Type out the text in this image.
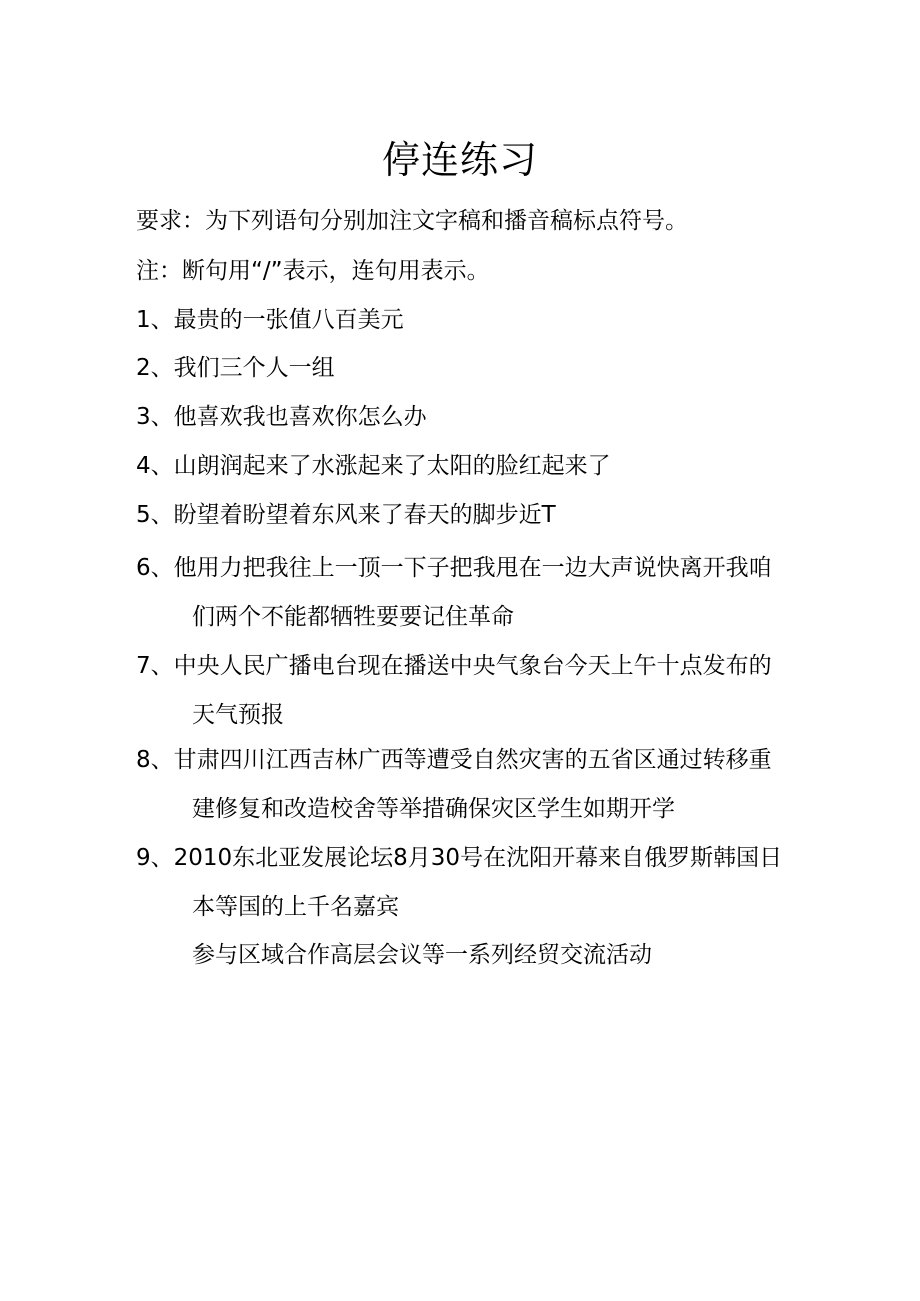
停连练习
要求：为下列语句分别加注文字稿和播音稿标点符号。
注：断句用“/”表示，连句用表示。
1、最贵的一张值八百美元
2、我们三个人一组
3、他喜欢我也喜欢你怎么办
4、山朗润起来了水涨起来了太阳的脸红起来了
5、盼望着盼望着东风来了春天的脚步近T
6、他用力把我往上一顶一下子把我甩在一边大声说快离开我咱
们两个不能都牺牲要要记住革命
7、中央人民广播电台现在播送中央气象台今天上午十点发布的
天气预报
8、甘肃四川江西吉林广西等遭受自然灾害的五省区通过转移重
建修复和改造校舍等举措确保灾区学生如期开学
9、2010东北亚发展论坛8月30号在沈阳开幕来自俄罗斯韩国日
本等国的上千名嘉宾
参与区域合作高层会议等一系列经贸交流活动
